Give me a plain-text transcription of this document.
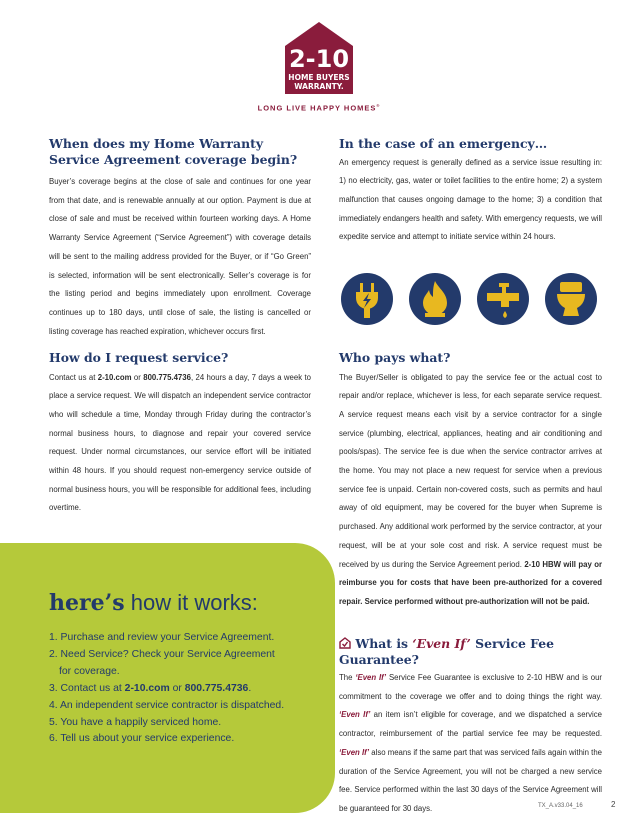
2-10
HOME BUYERS
WARRANTY.
LONG LIVE HAPPY HOMES®
When does my Home Warranty Service Agreement coverage begin?

Buyer’s coverage begins at the close of sale and continues for one year from that date, and is renewable annually at our option. Payment is due at close of sale and must be received within fourteen working days. A Home Warranty Service Agreement (“Service Agreement”) with coverage details will be sent to the mailing address provided for the Buyer, or if “Go Green” is selected, information will be sent electronically. Seller’s coverage is for the listing period and begins immediately upon enrollment. Coverage continues up to 180 days, until close of sale, the listing is cancelled or listing coverage has reached expiration, whichever occurs first.

How do I request service?

Contact us at 2-10.com or 800.775.4736, 24 hours a day, 7 days a week to place a service request. We will dispatch an independent service contractor who will schedule a time, Monday through Friday during the contractor’s normal business hours, to diagnose and repair your covered service request. Under normal circumstances, our service effort will be initiated within 48 hours. If you should request non-emergency service outside of normal business hours, you will be responsible for additional fees, including overtime.

here’s how it works:
1. Purchase and review your Service Agreement.
2. Need Service? Check your Service Agreement
for coverage.
3. Contact us at 2-10.com or 800.775.4736.
4. An independent service contractor is dispatched.
5. You have a happily serviced home.
6. Tell us about your service experience.
In the case of an emergency…

An emergency request is generally defined as a service issue resulting in: 1) no electricity, gas, water or toilet facilities to the entire home; 2) a system malfunction that causes ongoing damage to the home; 3) a condition that immediately endangers health and safety. With emergency requests, we will expedite service and attempt to initiate service within 24 hours.

Who pays what?

The Buyer/Seller is obligated to pay the service fee or the actual cost to repair and/or replace, whichever is less, for each separate service request. A service request means each visit by a service contractor for a single service (plumbing, electrical, appliances, heating and air conditioning and pools/spas). The service fee is due when the service contractor arrives at the home. You may not place a new request for service when a previous service fee is unpaid. Certain non-covered costs, such as permits and haul away of old equipment, may be covered for the buyer when Supreme is purchased. Any additional work performed by the service contractor, at your request, will be at your sole cost and risk. A service request must be received by us during the Service Agreement period. 2-10 HBW will pay or reimburse you for costs that have been pre-authorized for a covered repair. Service performed without pre-authorization will not be paid.

What is ‘Even If’ Service Fee Guarantee?

The ‘Even If’ Service Fee Guarantee is exclusive to 2-10 HBW and is our commitment to the coverage we offer and to doing things the right way. ‘Even If’ an item isn’t eligible for coverage, and we dispatched a service contractor, reimbursement of the partial service fee may be requested. ‘Even If’ also means if the same part that was serviced fails again within the duration of the Service Agreement, you will not be charged a new service fee. Service performed within the last 30 days of the Service Agreement will be guaranteed for 30 days.	TX_A.v33.04_16	2
